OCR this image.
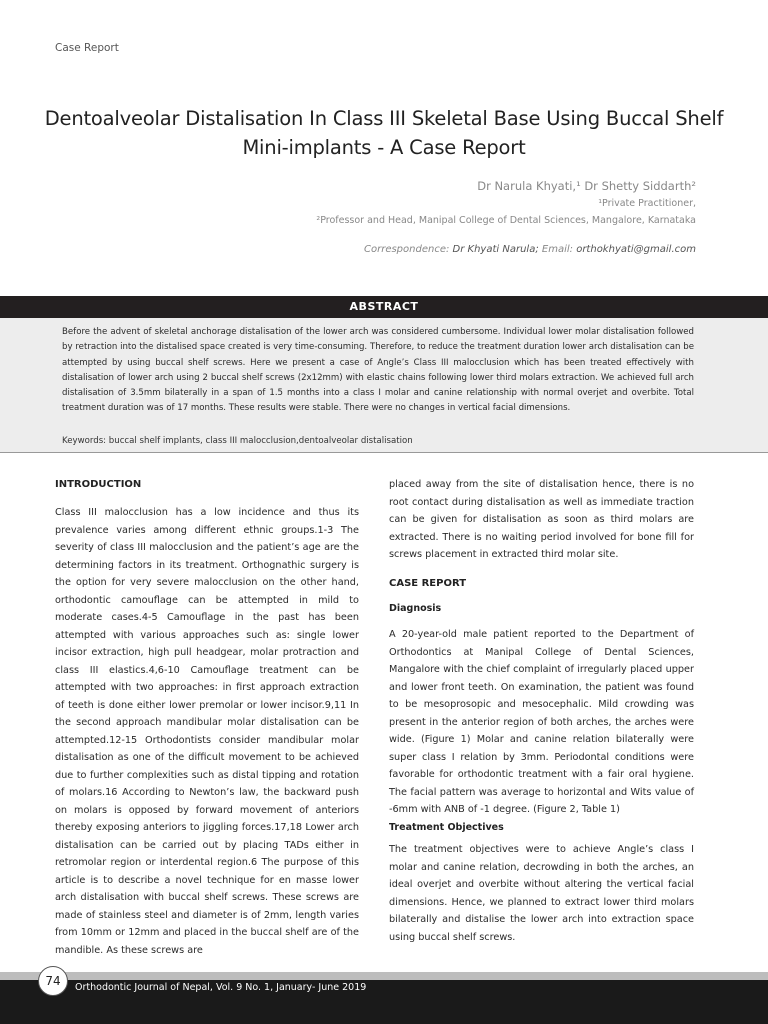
Case Report
Dentoalveolar Distalisation In Class III Skeletal Base Using Buccal Shelf
Mini-implants - A Case Report
Dr Narula Khyati,¹ Dr Shetty Siddarth²
¹Private Practitioner,
²Professor and Head, Manipal College of Dental Sciences, Mangalore, Karnataka
Correspondence: Dr Khyati Narula; Email: orthokhyati@gmail.com
ABSTRACT
Before the advent of skeletal anchorage distalisation of the lower arch was considered cumbersome. Individual lower molar distalisation followed by retraction into the distalised space created is very time-consuming. Therefore, to reduce the treatment duration lower arch distalisation can be attempted by using buccal shelf screws. Here we present a case of Angle’s Class III malocclusion which has been treated effectively with distalisation of lower arch using 2 buccal shelf screws (2x12mm) with elastic chains following lower third molars extraction. We achieved full arch distalisation of 3.5mm bilaterally in a span of 1.5 months into a class I molar and canine relationship with normal overjet and overbite. Total treatment duration was of 17 months. These results were stable. There were no changes in vertical facial dimensions.
Keywords: buccal shelf implants, class III malocclusion,dentoalveolar distalisation
INTRODUCTION
Class III malocclusion has a low incidence and thus its prevalence varies among different ethnic groups.1-3 The severity of class III malocclusion and the patient’s age are the determining factors in its treatment. Orthognathic surgery is the option for very severe malocclusion on the other hand, orthodontic camouflage can be attempted in mild to moderate cases.4-5 Camouflage in the past has been attempted with various approaches such as: single lower incisor extraction, high pull headgear, molar protraction and class III elastics.4,6-10 Camouflage treatment can be attempted with two approaches: in first approach extraction of teeth is done either lower premolar or lower incisor.9,11 In the second approach mandibular molar distalisation can be attempted.12-15 Orthodontists consider mandibular molar distalisation as one of the difficult movement to be achieved due to further complexities such as distal tipping and rotation of molars.16 According to Newton’s law, the backward push on molars is opposed by forward movement of anteriors thereby exposing anteriors to jiggling forces.17,18 Lower arch distalisation can be carried out by placing TADs either in retromolar region or interdental region.6 The purpose of this article is to describe a novel technique for en masse lower arch distalisation with buccal shelf screws. These screws are made of stainless steel and diameter is of 2mm, length varies from 10mm or 12mm and placed in the buccal shelf are of the mandible. As these screws are
placed away from the site of distalisation hence, there is no root contact during distalisation as well as immediate traction can be given for distalisation as soon as third molars are extracted. There is no waiting period involved for bone fill for screws placement in extracted third molar site.
CASE REPORT
Diagnosis
A 20-year-old male patient reported to the Department of Orthodontics at Manipal College of Dental Sciences, Mangalore with the chief complaint of irregularly placed upper and lower front teeth. On examination, the patient was found to be mesoprosopic and mesocephalic. Mild crowding was present in the anterior region of both arches, the arches were wide. (Figure 1) Molar and canine relation bilaterally were super class I relation by 3mm. Periodontal conditions were favorable for orthodontic treatment with a fair oral hygiene. The facial pattern was average to horizontal and Wits value of -6mm with ANB of -1 degree. (Figure 2, Table 1)
Treatment Objectives
The treatment objectives were to achieve Angle’s class I molar and canine relation, decrowding in both the arches, an ideal overjet and overbite without altering the vertical facial dimensions. Hence, we planned to extract lower third molars bilaterally and distalise the lower arch into extraction space using buccal shelf screws.
74	Orthodontic Journal of Nepal, Vol. 9 No. 1, January- June 2019
